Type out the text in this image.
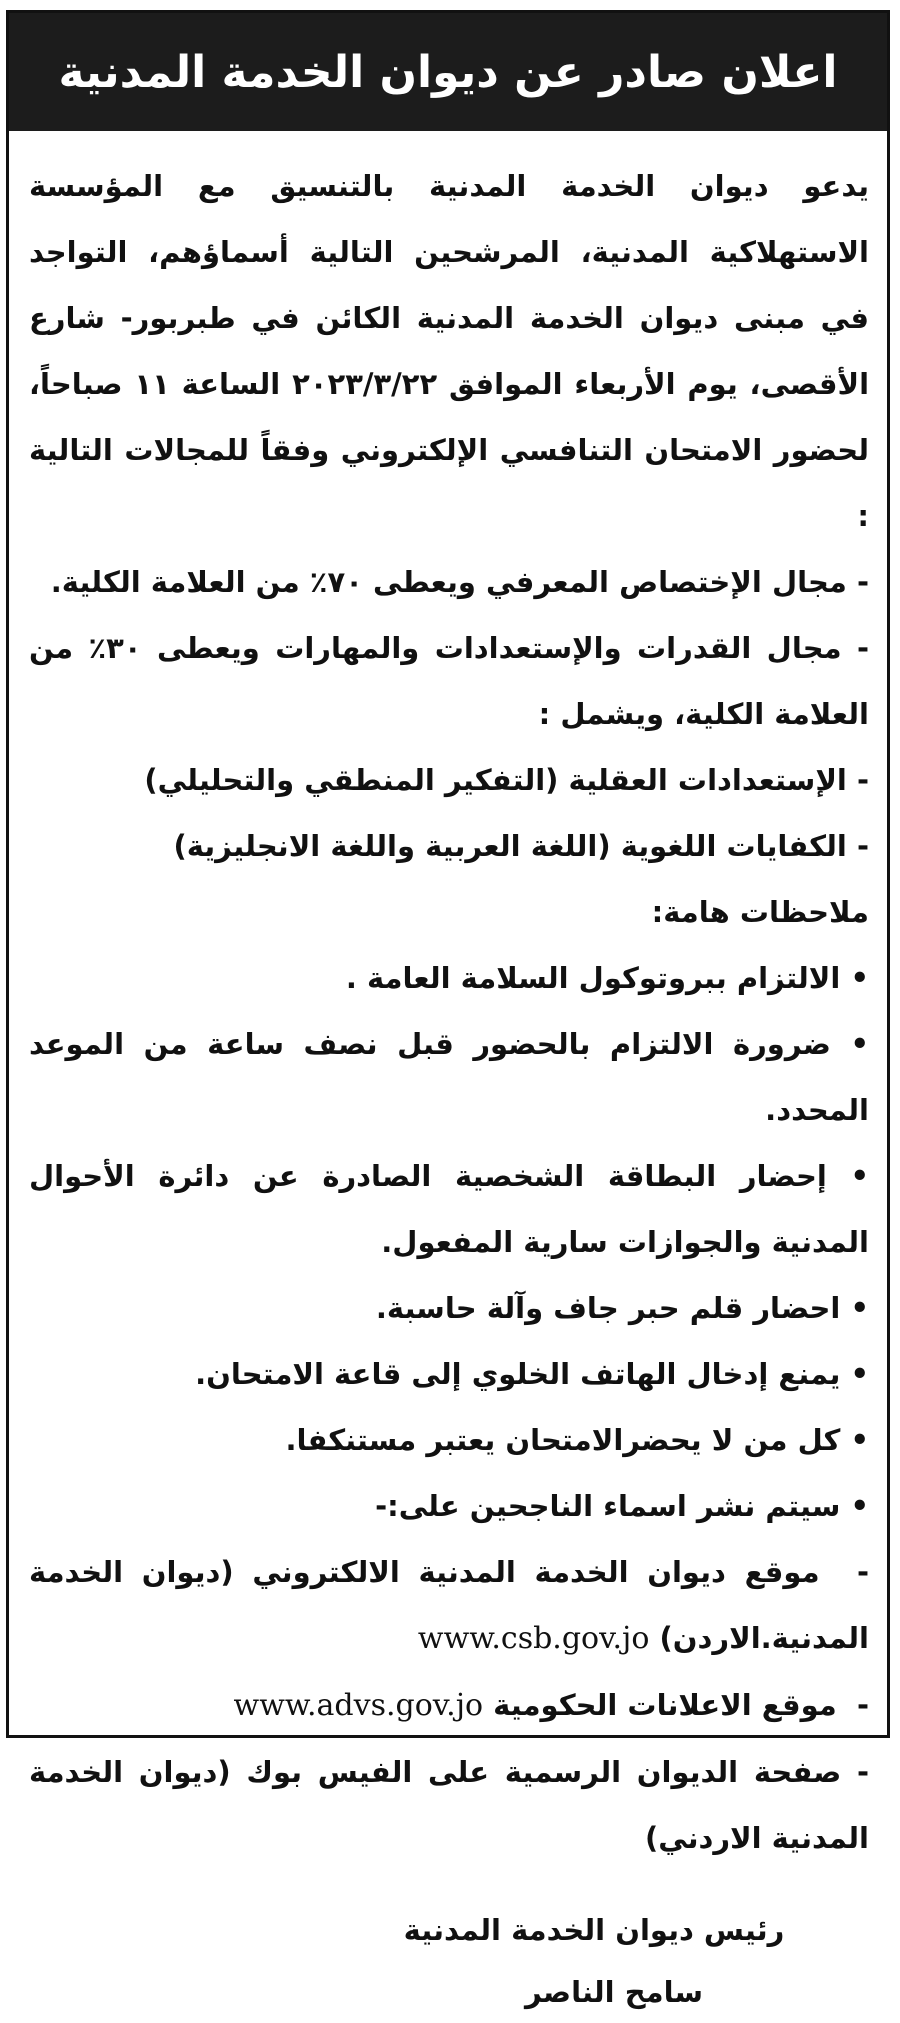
اعلان صادر عن ديوان الخدمة المدنية

يدعو ديوان الخدمة المدنية بالتنسيق مع المؤسسة الاستهلاكية المدنية، المرشحين التالية أسماؤهم، التواجد في مبنى ديوان الخدمة المدنية الكائن في طبربور- شارع الأقصى، يوم الأربعاء الموافق ٢٠٢٣/٣/٢٢ الساعة ١١ صباحاً، لحضور الامتحان التنافسي الإلكتروني وفقاً للمجالات التالية :

- مجال الإختصاص المعرفي ويعطى ٧٠٪ من العلامة الكلية.

- مجال القدرات والإستعدادات والمهارات ويعطى ٣٠٪ من العلامة الكلية، ويشمل :

- الإستعدادات العقلية (التفكير المنطقي والتحليلي)

- الكفايات اللغوية (اللغة العربية واللغة الانجليزية)

ملاحظات هامة:

• الالتزام ببروتوكول السلامة العامة .

• ضرورة الالتزام بالحضور قبل نصف ساعة من الموعد المحدد.

• إحضار البطاقة الشخصية الصادرة عن دائرة الأحوال المدنية والجوازات سارية المفعول.

• احضار قلم حبر جاف وآلة حاسبة.

• يمنع إدخال الهاتف الخلوي إلى قاعة الامتحان.

• كل من لا يحضرالامتحان يعتبر مستنكفا.

• سيتم نشر اسماء الناجحين على:-

- موقع ديوان الخدمة المدنية الالكتروني (ديوان الخدمة المدنية.الاردن) www.csb.gov.jo

- موقع الاعلانات الحكومية www.advs.gov.jo

- صفحة الديوان الرسمية على الفيس بوك (ديوان الخدمة المدنية الاردني)

رئيس ديوان الخدمة المدنية
سامح الناصر
